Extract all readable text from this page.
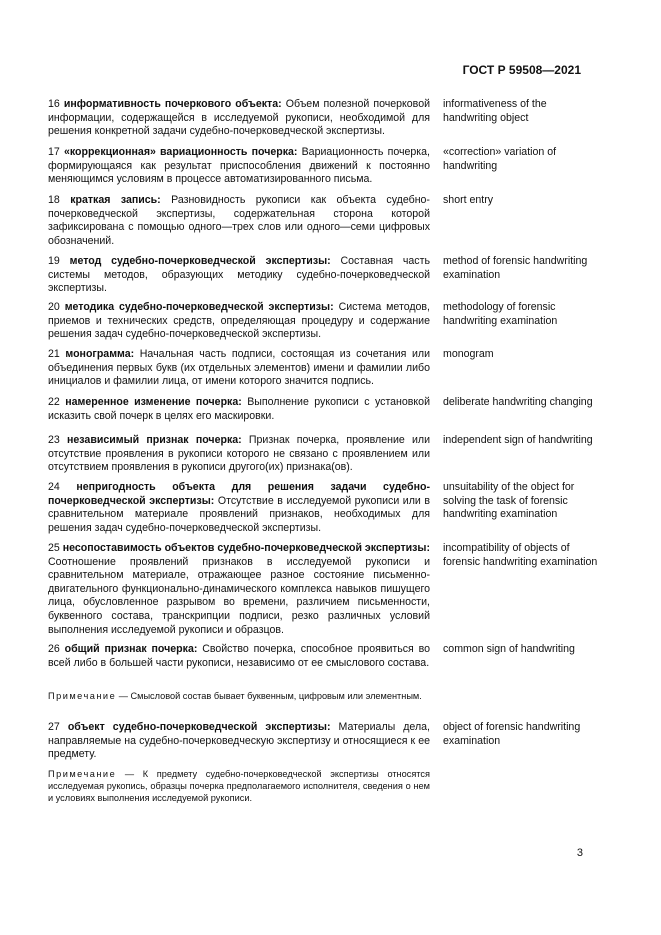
ГОСТ Р 59508—2021
16 информативность почеркового объекта: Объем полезной почерковой информации, содержащейся в исследуемой рукописи, необходимой для решения конкретной задачи судебно-почерковедческой экспертизы.
informativeness of the handwriting object
17 «коррекционная» вариационность почерка: Вариационность почерка, формирующаяся как результат приспособления движений к постоянно меняющимся условиям в процессе автоматизированного письма.
«correction» variation of handwriting
18 краткая запись: Разновидность рукописи как объекта судебно-почерковедческой экспертизы, содержательная сторона которой зафиксирована с помощью одного—трех слов или одного—семи цифровых обозначений.
short entry
19 метод судебно-почерковедческой экспертизы: Составная часть системы методов, образующих методику судебно-почерковедческой экспертизы.
method of forensic handwriting examination
20 методика судебно-почерковедческой экспертизы: Система методов, приемов и технических средств, определяющая процедуру и содержание решения задач судебно-почерковедческой экспертизы.
methodology of forensic handwriting examination
21 монограмма: Начальная часть подписи, состоящая из сочетания или объединения первых букв (их отдельных элементов) имени и фамилии либо инициалов и фамилии лица, от имени которого значится подпись.
monogram
22 намеренное изменение почерка: Выполнение рукописи с установкой исказить свой почерк в целях его маскировки.
deliberate handwriting changing
23 независимый признак почерка: Признак почерка, проявление или отсутствие проявления в рукописи которого не связано с проявлением или отсутствием проявления в рукописи другого(их) признака(ов).
independent sign of handwriting
24 непригодность объекта для решения задачи судебно-почерковедческой экспертизы: Отсутствие в исследуемой рукописи или в сравнительном материале проявлений признаков, необходимых для решения задач судебно-почерковедческой экспертизы.
unsuitability of the object for solving the task of forensic handwriting examination
25 несопоставимость объектов судебно-почерковедческой экспертизы: Соотношение проявлений признаков в исследуемой рукописи и сравнительном материале, отражающее разное состояние письменно-двигательного функционально-динамического комплекса навыков пишущего лица, обусловленное разрывом во времени, различием письменности, буквенного состава, транскрипции подписи, резко различных условий выполнения исследуемой рукописи и образцов.
incompatibility of objects of forensic handwriting examination
26 общий признак почерка: Свойство почерка, способное проявиться во всей либо в большей части рукописи, независимо от ее смыслового состава.
common sign of handwriting
Примечание — Смысловой состав бывает буквенным, цифровым или элементным.
27 объект судебно-почерковедческой экспертизы: Материалы дела, направляемые на судебно-почерковедческую экспертизу и относящиеся к ее предмету.
object of forensic handwriting examination
Примечание — К предмету судебно-почерковедческой экспертизы относятся исследуемая рукопись, образцы почерка предполагаемого исполнителя, сведения о нем и условиях выполнения исследуемой рукописи.
3
